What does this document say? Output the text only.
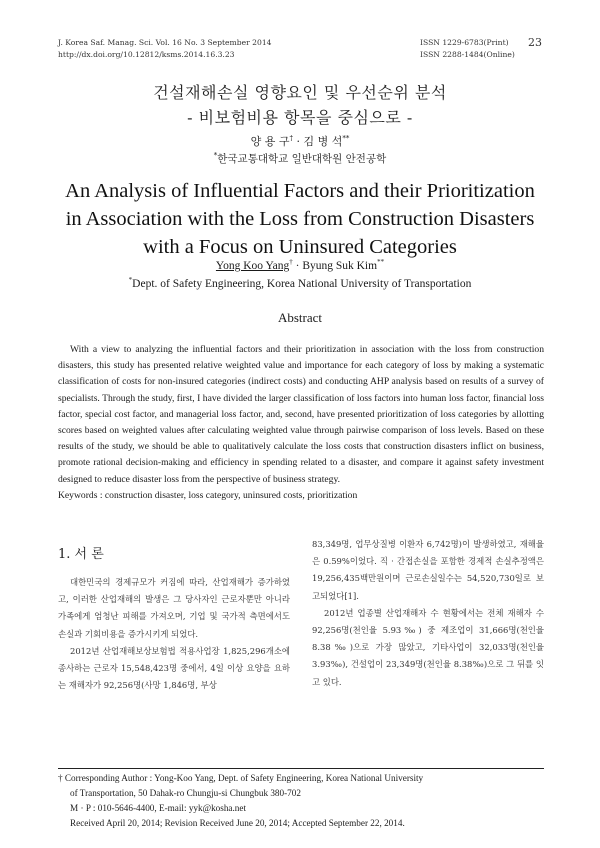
J. Korea Saf. Manag. Sci. Vol. 16 No. 3 September 2014
http://dx.doi.org/10.12812/ksms.2014.16.3.23
ISSN 1229-6783(Print)
ISSN 2288-1484(Online)
23
건설재해손실 영향요인 및 우선순위 분석
- 비보험비용 항목을 중심으로 -
양 용 구† · 김 병 석**
*한국교통대학교 일반대학원 안전공학
An Analysis of Influential Factors and their Prioritization
in Association with the Loss from Construction Disasters
with a Focus on Uninsured Categories
Yong Koo Yang† · Byung Suk Kim**
*Dept. of Safety Engineering, Korea National University of Transportation
Abstract
With a view to analyzing the influential factors and their prioritization in association with the loss from construction disasters, this study has presented relative weighted value and importance for each category of loss by making a systematic classification of costs for non-insured categories (indirect costs) and conducting AHP analysis based on results of a survey of specialists. Through the study, first, I have divided the larger classification of loss factors into human loss factor, financial loss factor, special cost factor, and managerial loss factor, and, second, have presented prioritization of loss categories by allotting scores based on weighted values after calculating weighted value through pairwise comparison of loss levels. Based on these results of the study, we should be able to qualitatively calculate the loss costs that construction disasters inflict on business, promote rational decision-making and efficiency in spending related to a disaster, and compare it against safety investment designed to reduce disaster loss from the perspective of business strategy.
Keywords : construction disaster, loss category, uninsured costs, prioritization
1. 서 론
대한민국의 경제규모가 커짐에 따라, 산업재해가 증가하였고, 이러한 산업재해의 발생은 그 당사자인 근로자뿐만 아니라 가족에게 엄청난 피해를 가져오며, 기업 및 국가적 측면에서도 손실과 기회비용을 증가시키게 되었다.
2012년 산업재해보상보험법 적용사업장 1,825,296개소에 종사하는 근로자 15,548,423명 중에서, 4일 이상 요양을 요하는 재해자가 92,256명(사망 1,846명, 부상
83,349명, 업무상질병 이환자 6,742명)이 발생하였고, 재해율은 0.59%이었다. 직 · 간접손실을 포함한 경제적 손실추정액은 19,256,435백만원이며 근로손실일수는 54,520,730일로 보고되었다[1].
2012년 업종별 산업재해자 수 현황에서는 전체 재해자 수 92,256명(천인율 5.93‰) 중 제조업이 31,666명(천인율 8.38‰)으로 가장 많았고, 기타사업이 32,033명(천인율 3.93‰), 건설업이 23,349명(천인율 8.38‰)으로 그 뒤를 잇고 있다.
† Corresponding Author : Yong-Koo Yang, Dept. of Safety Engineering, Korea National University
of Transportation, 50 Dahak-ro Chungju-si Chungbuk 380-702
M · P : 010-5646-4400, E-mail: yyk@kosha.net
Received April 20, 2014; Revision Received June 20, 2014; Accepted September 22, 2014.
